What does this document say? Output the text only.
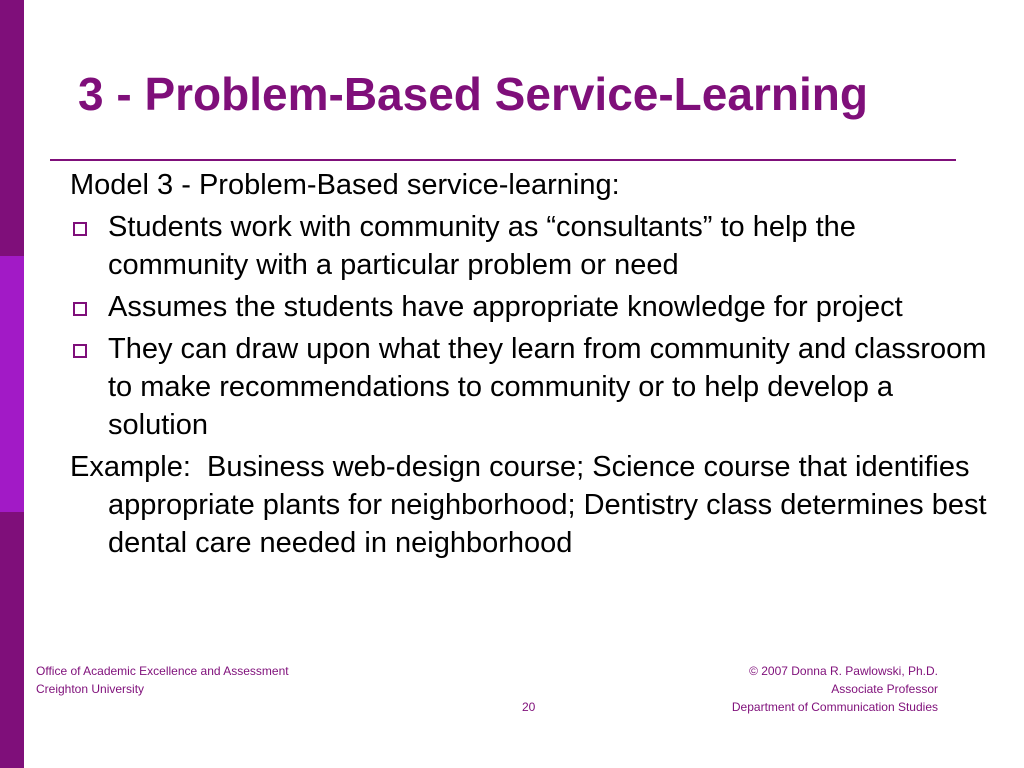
3 - Problem-Based Service-Learning

Model 3 - Problem-Based service-learning:

Students work with community as “consultants” to help the community with a particular problem or need
Assumes the students have appropriate knowledge for project
They can draw upon what they learn from community and classroom to make recommendations to community or to help develop a solution

Example:  Business web-design course; Science course that identifies appropriate plants for neighborhood; Dentistry class determines best dental care needed in neighborhood

Office of Academic Excellence and Assessment
Creighton University
20
© 2007 Donna R. Pawlowski, Ph.D.
Associate Professor
Department of Communication Studies
